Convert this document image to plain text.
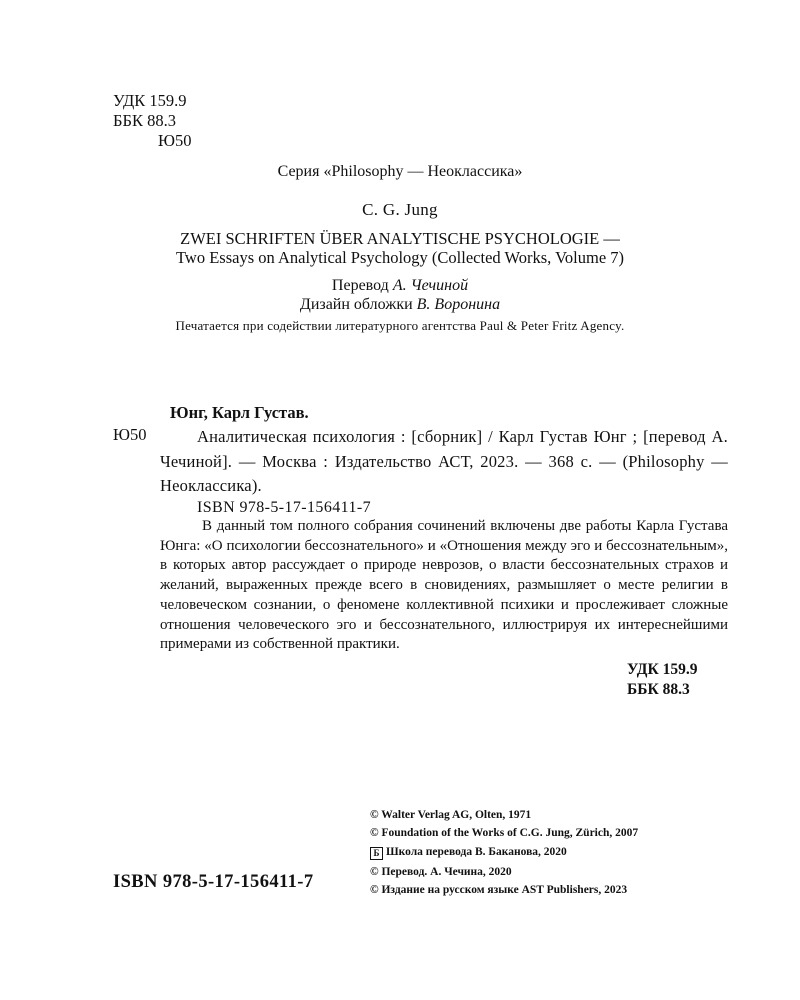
УДК 159.9
ББК 88.3
Ю50
Серия «Philosophy — Неоклассика»
C. G. Jung
ZWEI SCHRIFTEN ÜBER ANALYTISCHE PSYCHOLOGIE —
Two Essays on Analytical Psychology (Collected Works, Volume 7)
Перевод А. Чечиной
Дизайн обложки В. Воронина
Печатается при содействии литературного агентства Paul & Peter Fritz Agency.
Юнг, Карл Густав.
Ю50	Аналитическая психология : [сборник] / Карл Густав Юнг ; [перевод А. Чечиной]. — Москва : Издательство АСТ, 2023. — 368 с. — (Philosophy — Неоклассика).
ISBN 978-5-17-156411-7
В данный том полного собрания сочинений включены две работы Карла Густава Юнга: «О психологии бессознательного» и «Отношения между эго и бессознательным», в которых автор рассуждает о природе неврозов, о власти бессознательных страхов и желаний, выраженных прежде всего в сновидениях, размышляет о месте религии в человеческом сознании, о феномене коллективной психики и прослеживает сложные отношения человеческого эго и бессознательного, иллюстрируя их интереснейшими примерами из собственной практики.
УДК 159.9
ББК 88.3
© Walter Verlag AG, Olten, 1971
© Foundation of the Works of C.G. Jung, Zürich, 2007
Б Школа перевода В. Баканова, 2020
© Перевод. А. Чечина, 2020
© Издание на русском языке AST Publishers, 2023
ISBN 978-5-17-156411-7
